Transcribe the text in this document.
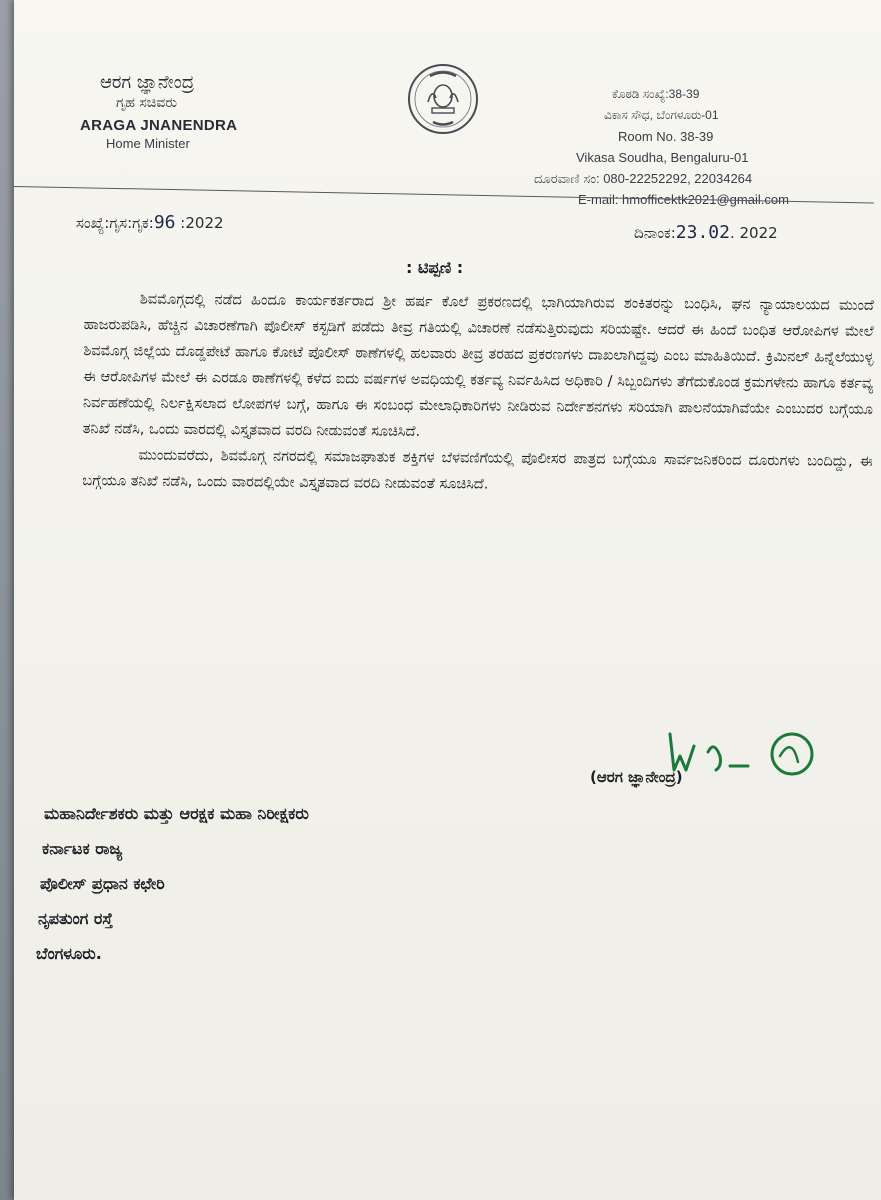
ಆರಗ ಜ್ಞಾನೇಂದ್ರ
ಗೃಹ ಸಚಿವರು
ARAGA JNANENDRA
Home Minister
ಕೊಠಡಿ ಸಂಖ್ಯೆ:38-39
ವಿಕಾಸ ಸೌಧ, ಬೆಂಗಳೂರು-01
Room No. 38-39
Vikasa Soudha, Bengaluru-01
ದೂರವಾಣಿ ಸಂ: 080-22252292, 22034264
E-mail: hmofficektk2021@gmail.com
ಸಂಖ್ಯೆ:ಗೃಸ:ಗೃಕ:96 :2022
ದಿನಾಂಕ:23.02. 2022
: ಟಿಪ್ಪಣಿ :

ಶಿವಮೊಗ್ಗದಲ್ಲಿ ನಡೆದ ಹಿಂದೂ ಕಾರ್ಯಕರ್ತರಾದ ಶ್ರೀ ಹರ್ಷ ಕೊಲೆ ಪ್ರಕರಣದಲ್ಲಿ ಭಾಗಿಯಾಗಿರುವ ಶಂಕಿತರನ್ನು ಬಂಧಿಸಿ, ಘನ ನ್ಯಾಯಾಲಯದ ಮುಂದೆ ಹಾಜರುಪಡಿಸಿ, ಹೆಚ್ಚಿನ ವಿಚಾರಣೆಗಾಗಿ ಪೊಲೀಸ್ ಕಸ್ಟಡಿಗೆ ಪಡೆದು ತೀವ್ರ ಗತಿಯಲ್ಲಿ ವಿಚಾರಣೆ ನಡೆಸುತ್ತಿರುವುದು ಸರಿಯಷ್ಟೇ. ಆದರೆ ಈ ಹಿಂದೆ ಬಂಧಿತ ಆರೋಪಿಗಳ ಮೇಲೆ ಶಿವಮೊಗ್ಗ ಜಿಲ್ಲೆಯ ದೊಡ್ಡಪೇಟೆ ಹಾಗೂ ಕೋಟೆ ಪೊಲೀಸ್ ಠಾಣೆಗಳಲ್ಲಿ ಹಲವಾರು ತೀವ್ರ ತರಹದ ಪ್ರಕರಣಗಳು ದಾಖಲಾಗಿದ್ದವು ಎಂಬ ಮಾಹಿತಿಯಿದೆ. ಕ್ರಿಮಿನಲ್ ಹಿನ್ನೆಲೆಯುಳ್ಳ ಈ ಆರೋಪಿಗಳ ಮೇಲೆ ಈ ಎರಡೂ ಠಾಣೆಗಳಲ್ಲಿ ಕಳೆದ ಐದು ವರ್ಷಗಳ ಅವಧಿಯಲ್ಲಿ ಕರ್ತವ್ಯ ನಿರ್ವಹಿಸಿದ ಅಧಿಕಾರಿ / ಸಿಬ್ಬಂದಿಗಳು ತೆಗೆದುಕೊಂಡ ಕ್ರಮಗಳೇನು ಹಾಗೂ ಕರ್ತವ್ಯ ನಿರ್ವಹಣೆಯಲ್ಲಿ ನಿರ್ಲಕ್ಷಿಸಲಾದ ಲೋಪಗಳ ಬಗ್ಗೆ, ಹಾಗೂ ಈ ಸಂಬಂಧ ಮೇಲಾಧಿಕಾರಿಗಳು ನೀಡಿರುವ ನಿರ್ದೇಶನಗಳು ಸರಿಯಾಗಿ ಪಾಲನೆಯಾಗಿವೆಯೇ ಎಂಬುದರ ಬಗ್ಗೆಯೂ ತನಿಖೆ ನಡೆಸಿ, ಒಂದು ವಾರದಲ್ಲಿ ವಿಸ್ತೃತವಾದ ವರದಿ ನೀಡುವಂತೆ ಸೂಚಿಸಿದೆ.

ಮುಂದುವರೆದು, ಶಿವಮೊಗ್ಗ ನಗರದಲ್ಲಿ ಸಮಾಜಘಾತುಕ ಶಕ್ತಿಗಳ ಬೆಳವಣಿಗೆಯಲ್ಲಿ ಪೊಲೀಸರ ಪಾತ್ರದ ಬಗ್ಗೆಯೂ ಸಾರ್ವಜನಿಕರಿಂದ ದೂರುಗಳು ಬಂದಿದ್ದು, ಈ ಬಗ್ಗೆಯೂ ತನಿಖೆ ನಡೆಸಿ, ಒಂದು ವಾರದಲ್ಲಿಯೇ ವಿಸ್ತೃತವಾದ ವರದಿ ನೀಡುವಂತೆ ಸೂಚಿಸಿದೆ.

(ಆರಗ ಜ್ಞಾನೇಂದ್ರ)
ಮಹಾನಿರ್ದೇಶಕರು ಮತ್ತು ಆರಕ್ಷಕ ಮಹಾ ನಿರೀಕ್ಷಕರು
ಕರ್ನಾಟಕ ರಾಜ್ಯ
ಪೊಲೀಸ್ ಪ್ರಧಾನ ಕಛೇರಿ
ನೃಪತುಂಗ ರಸ್ತೆ
ಬೆಂಗಳೂರು.
